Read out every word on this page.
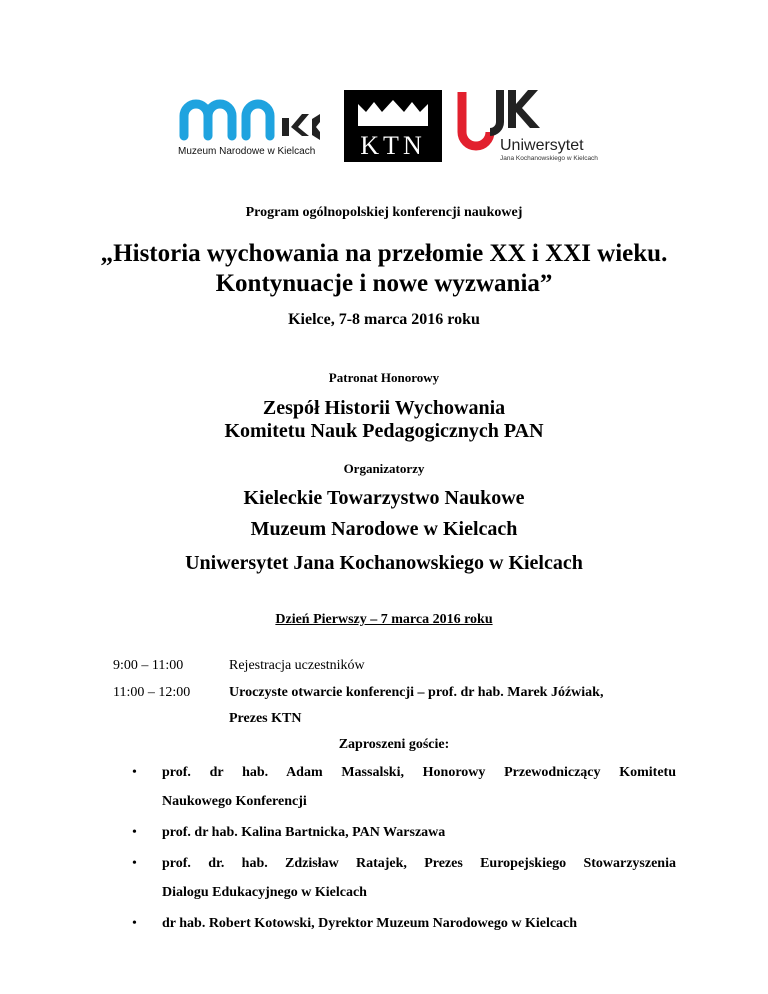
Muzeum Narodowe w Kielcach KTN	Uniwersytet
Jana Kochanowskiego w Kielcach
Program ogólnopolskiej konferencji naukowej
„Historia wychowania na przełomie XX i XXI wieku.
Kontynuacje i nowe wyzwania”
Kielce, 7-8 marca 2016 roku
Patronat Honorowy
Zespół Historii Wychowania
Komitetu Nauk Pedagogicznych PAN
Organizatorzy
Kieleckie Towarzystwo Naukowe
Muzeum Narodowe w Kielcach
Uniwersytet Jana Kochanowskiego w Kielcach
Dzień Pierwszy – 7 marca 2016 roku
9:00 – 11:00	Rejestracja uczestników
11:00 – 12:00	Uroczyste otwarcie konferencji – prof. dr hab. Marek Jóźwiak,
Prezes KTN
Zaproszeni goście:
• prof. dr hab. Adam Massalski, Honorowy Przewodniczący Komitetu
Naukowego Konferencji
• prof. dr hab. Kalina Bartnicka, PAN Warszawa
• prof. dr. hab. Zdzisław Ratajek, Prezes Europejskiego Stowarzyszenia
Dialogu Edukacyjnego w Kielcach
• dr hab. Robert Kotowski, Dyrektor Muzeum Narodowego w Kielcach
